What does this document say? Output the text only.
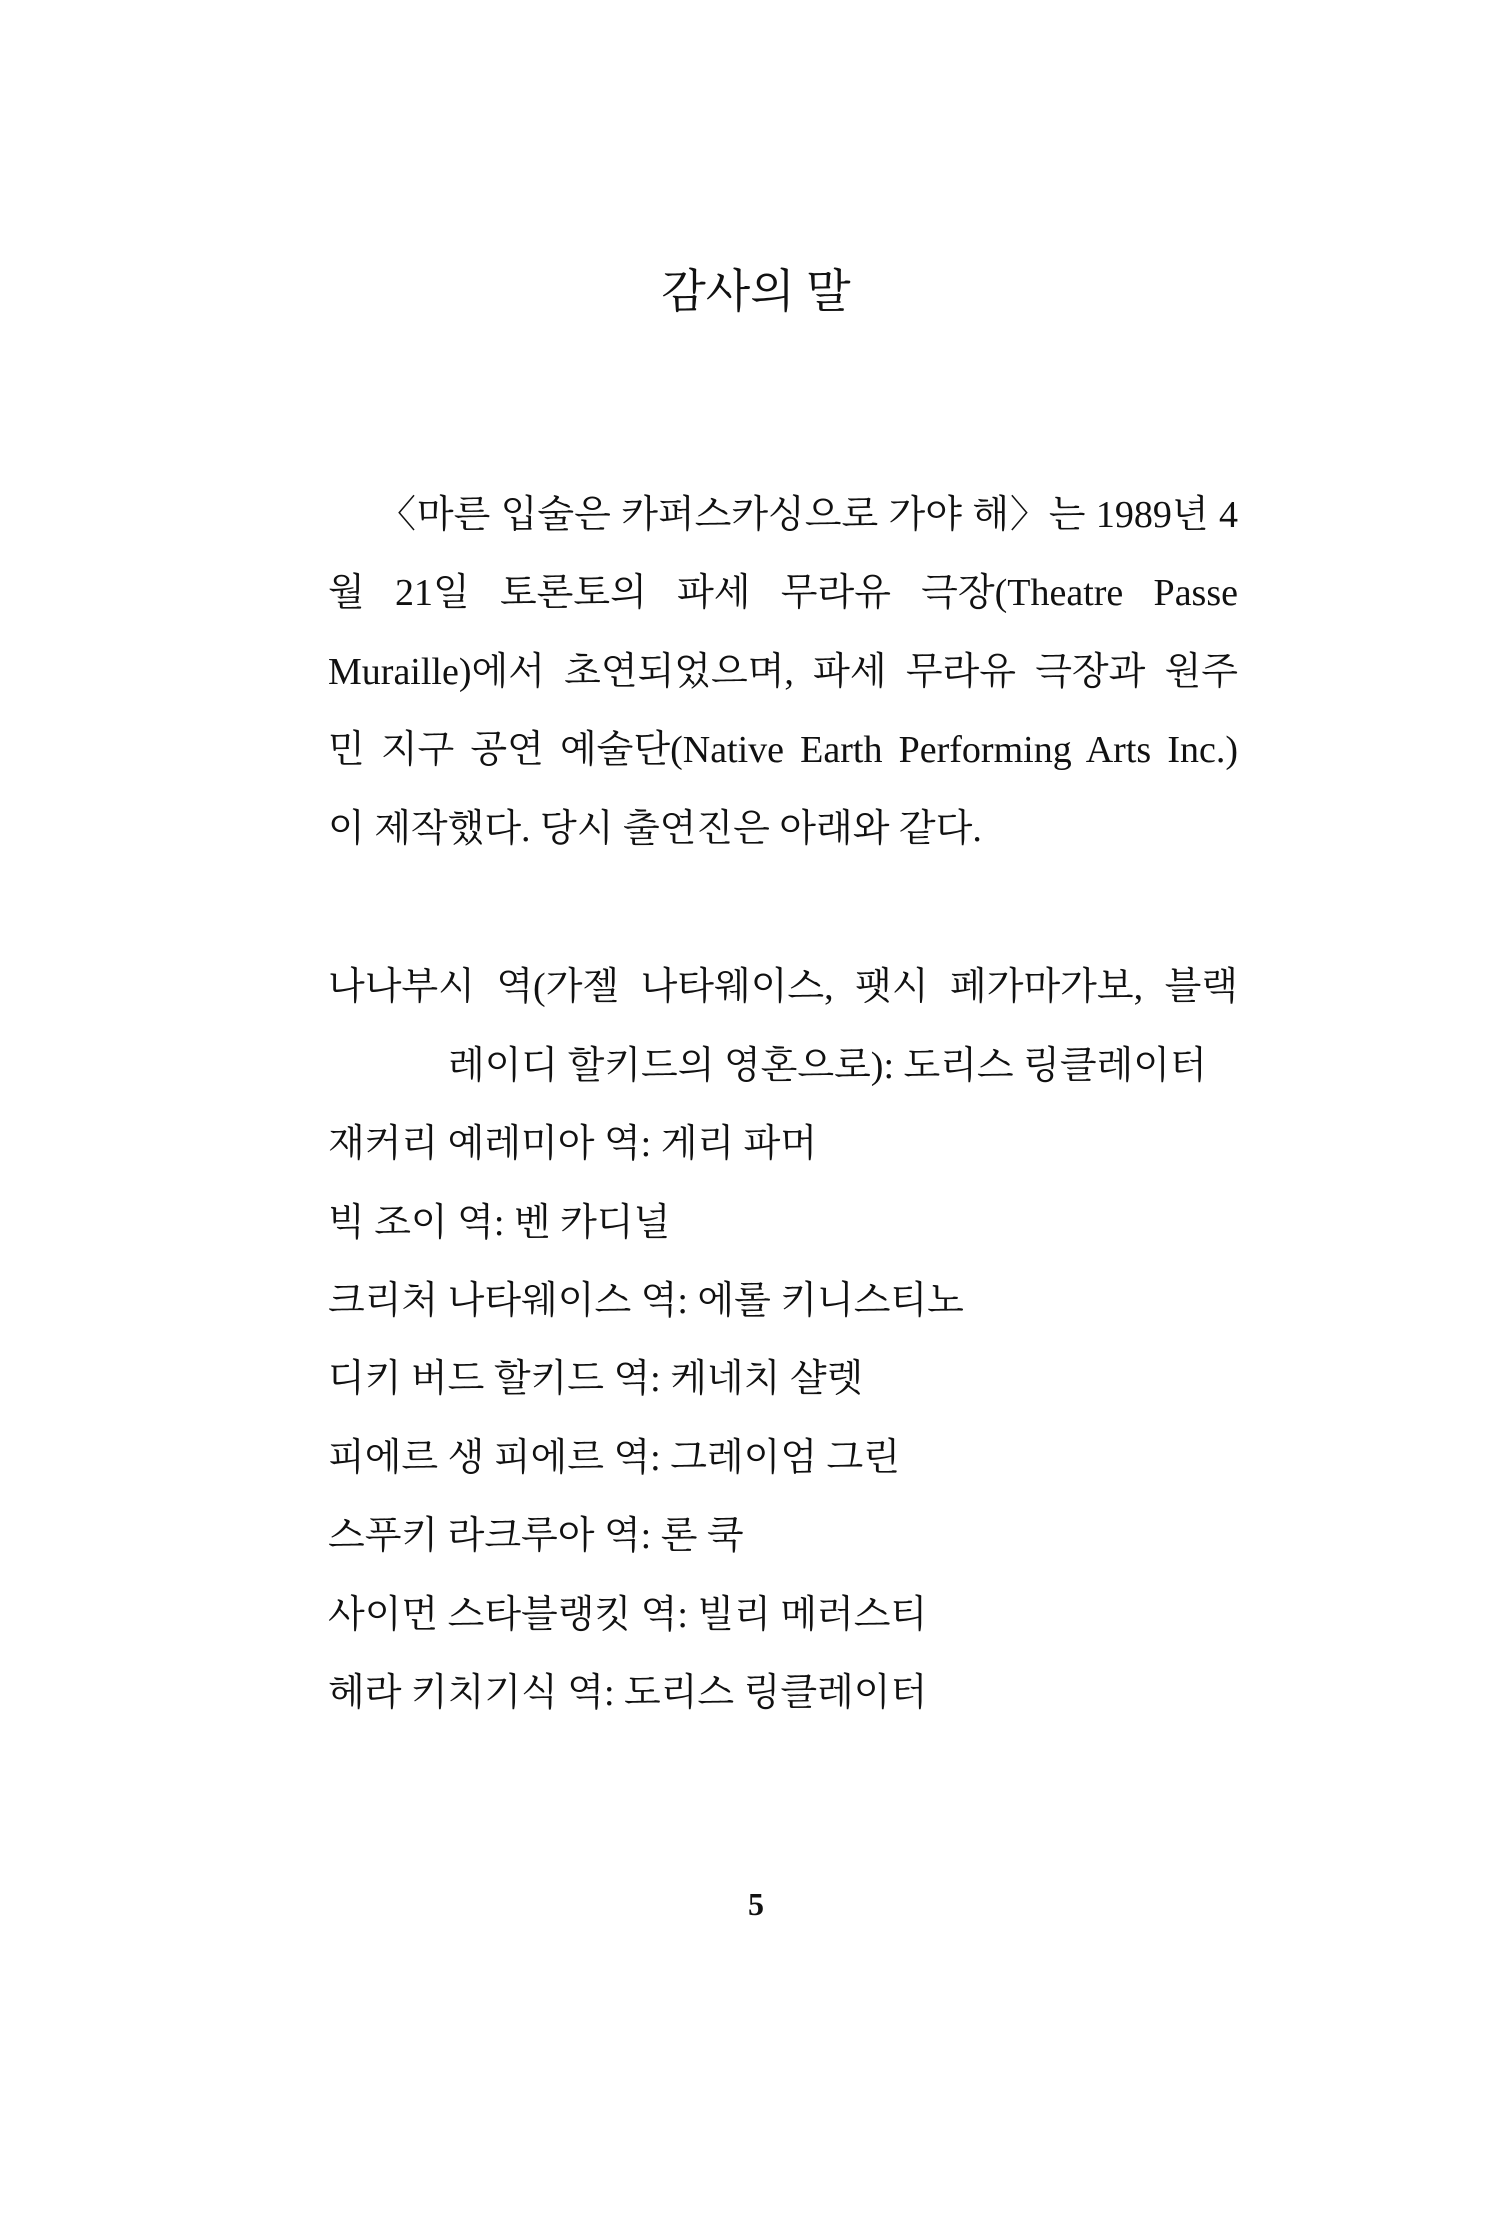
감사의 말
〈마른 입술은 카퍼스카싱으로 가야 해〉는 1989년 4
월 21일 토론토의 파세 무라유 극장(Theatre Passe
Muraille)에서 초연되었으며, 파세 무라유 극장과 원주
민 지구 공연 예술단(Native Earth Performing Arts Inc.)
이 제작했다. 당시 출연진은 아래와 같다.
나나부시 역(가젤 나타웨이스, 팻시 페가마가보, 블랙
레이디 할키드의 영혼으로): 도리스 링클레이터
재커리 예레미아 역: 게리 파머
빅 조이 역: 벤 카디널
크리처 나타웨이스 역: 에롤 키니스티노
디키 버드 할키드 역: 케네치 샬렛
피에르 생 피에르 역: 그레이엄 그린
스푸키 라크루아 역: 론 쿡
사이먼 스타블랭킷 역: 빌리 메러스티
헤라 키치기식 역: 도리스 링클레이터
5
